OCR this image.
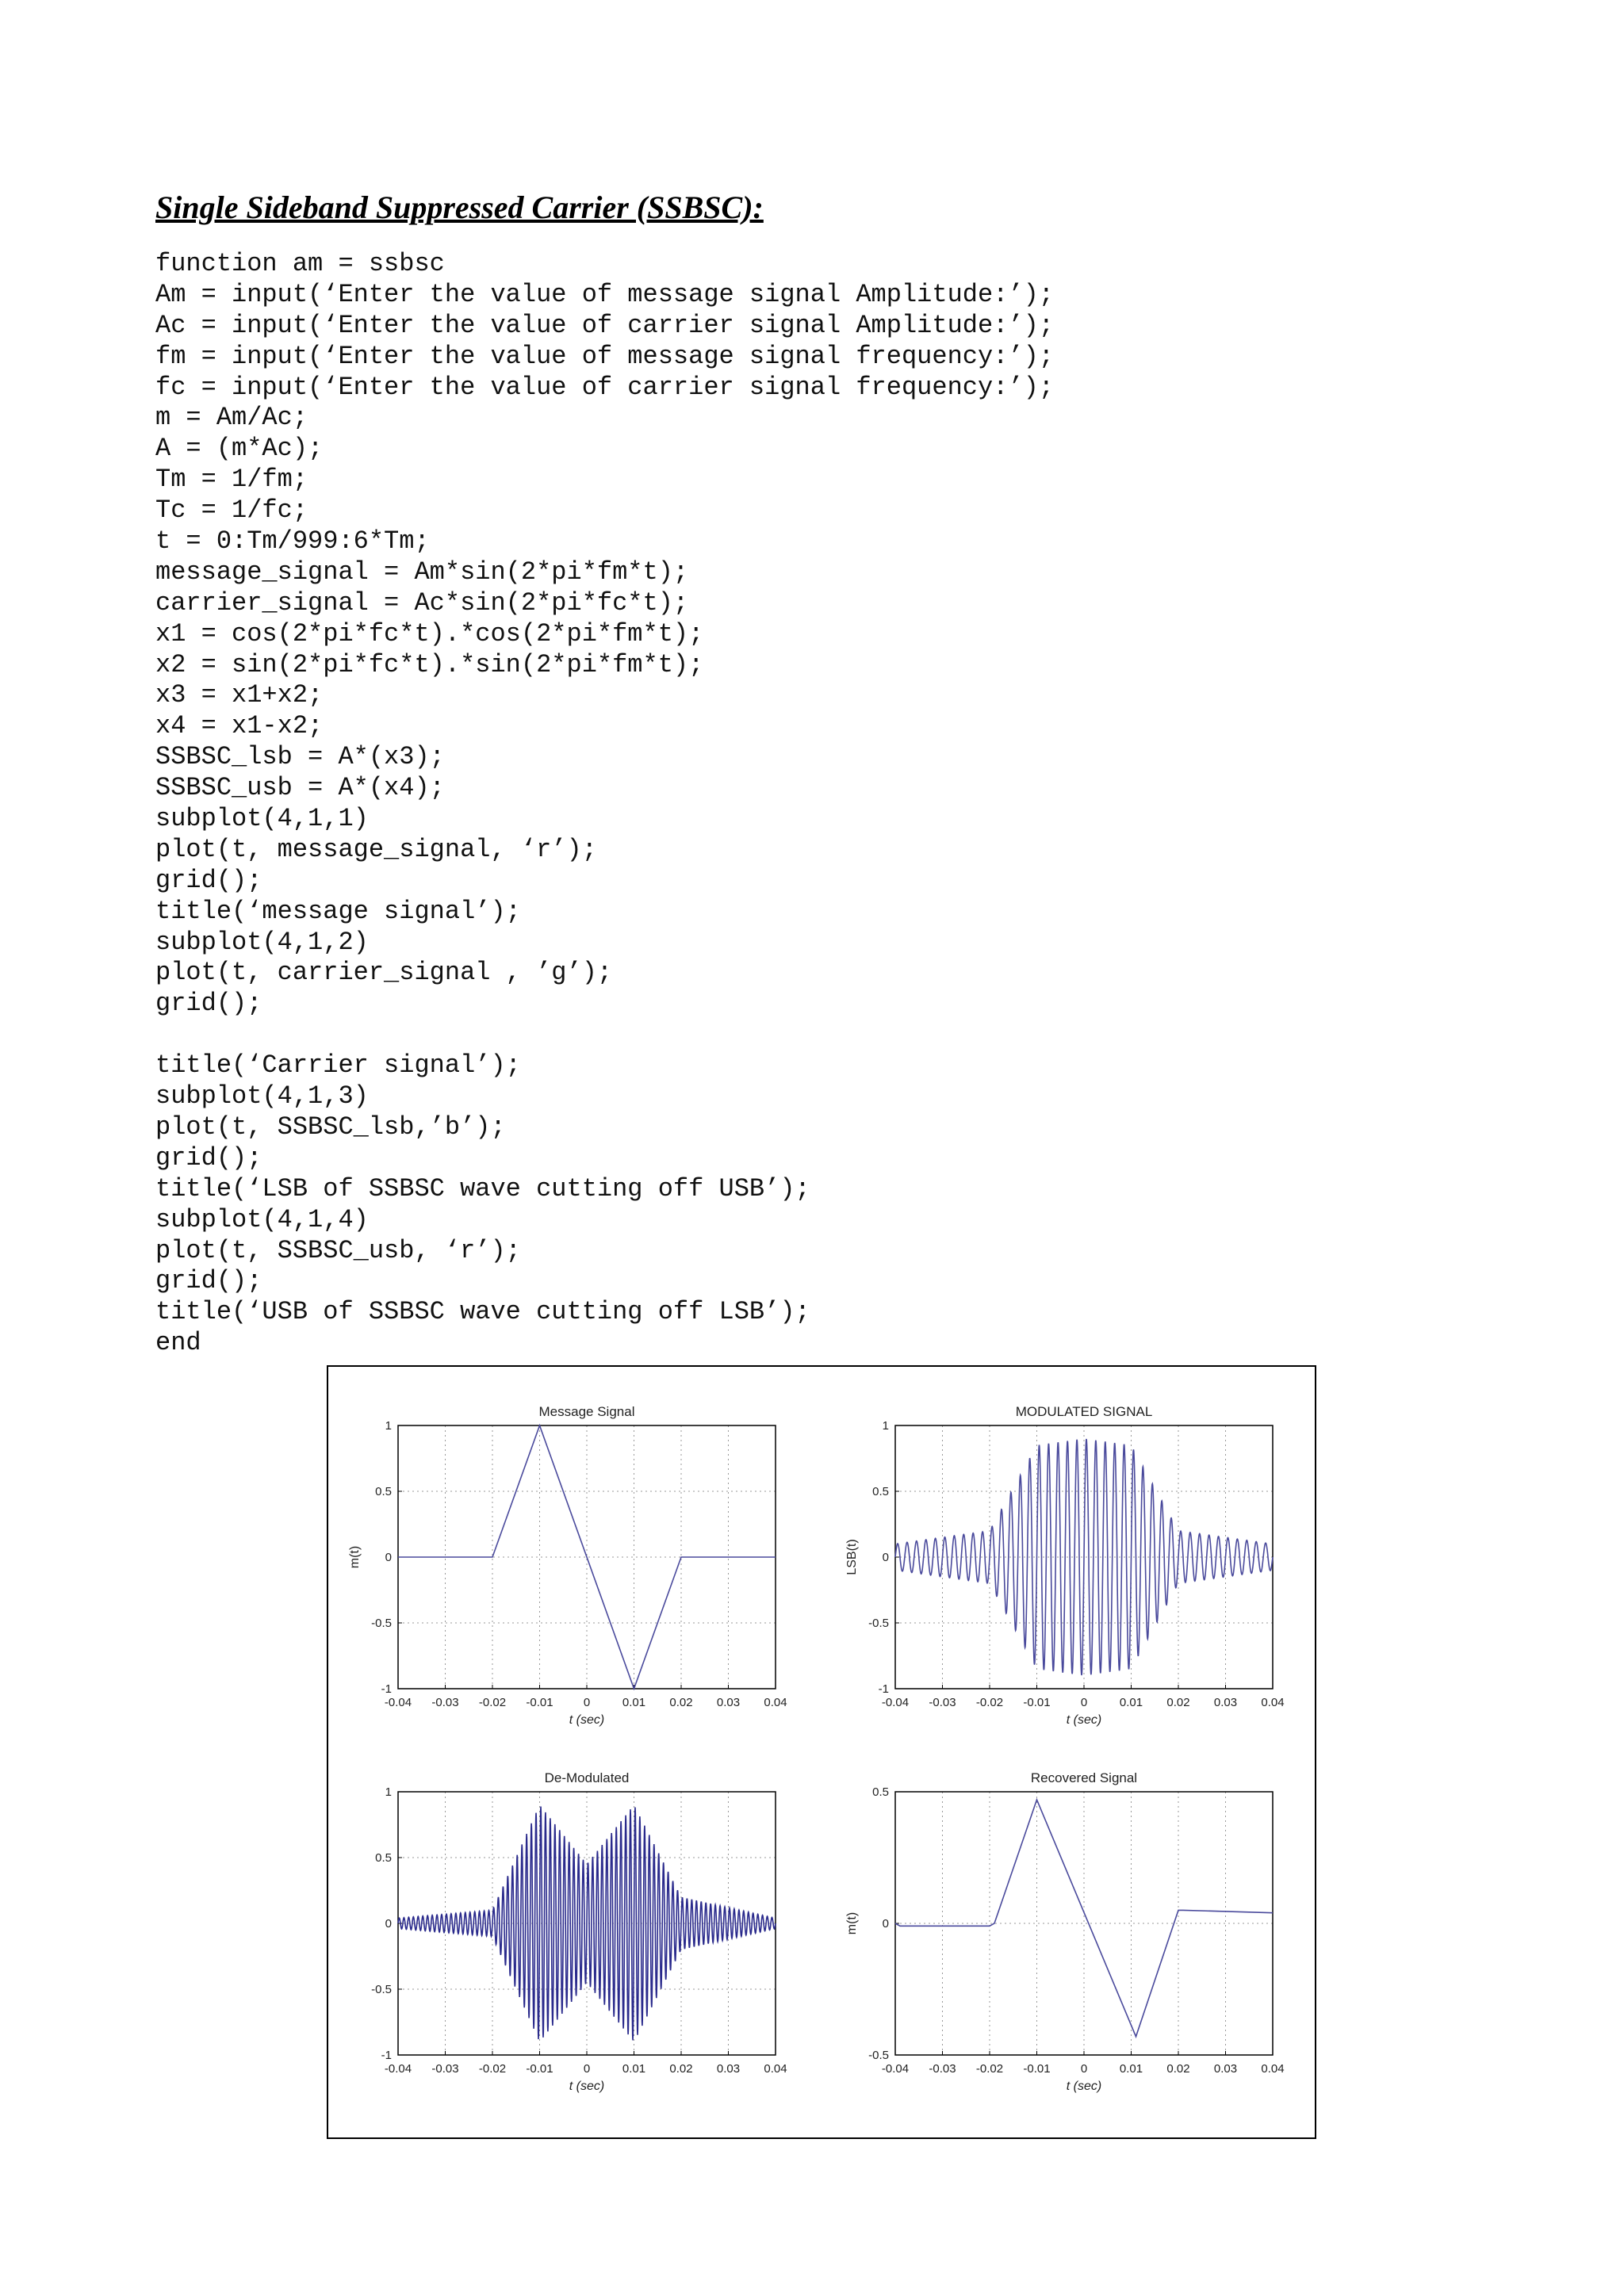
Single Sideband Suppressed Carrier (SSBSC):
function am = ssbsc
Am = input(‘Enter the value of message signal Amplitude:’);
Ac = input(‘Enter the value of carrier signal Amplitude:’);
fm = input(‘Enter the value of message signal frequency:’);
fc = input(‘Enter the value of carrier signal frequency:’);
m = Am/Ac;
A = (m*Ac);
Tm = 1/fm;
Tc = 1/fc;
t = 0:Tm/999:6*Tm;
message_signal = Am*sin(2*pi*fm*t);
carrier_signal = Ac*sin(2*pi*fc*t);
x1 = cos(2*pi*fc*t).*cos(2*pi*fm*t);
x2 = sin(2*pi*fc*t).*sin(2*pi*fm*t);
x3 = x1+x2;
x4 = x1-x2;
SSBSC_lsb = A*(x3);
SSBSC_usb = A*(x4);
subplot(4,1,1)
plot(t, message_signal, ‘r’);
grid();
title(‘message signal’);
subplot(4,1,2)
plot(t, carrier_signal , ’g’);
grid();
title(‘Carrier signal’);
subplot(4,1,3)
plot(t, SSBSC_lsb,’b’);
grid();
title(‘LSB of SSBSC wave cutting off USB’);
subplot(4,1,4)
plot(t, SSBSC_usb, ‘r’);
grid();
title(‘USB of SSBSC wave cutting off LSB’);
end
-0.04 -0.03 -0.02 -0.01	0	0.01 0.02 0.03 0.04
-1
-0.5
0
0.5
1
Message Signal
t (sec)
m(t)
-0.04 -0.03 -0.02 -0.01	0	0.01 0.02 0.03 0.04
-1
-0.5
0
0.5
1
MODULATED SIGNAL
t (sec)
LSB(t)
-0.04 -0.03 -0.02 -0.01	0	0.01 0.02 0.03 0.04
-1
-0.5
0
0.5
1
De-Modulated
t (sec)
-0.04 -0.03 -0.02 -0.01	0	0.01 0.02 0.03 0.04
-0.5
0
0.5
Recovered Signal
t (sec)
m(t)
